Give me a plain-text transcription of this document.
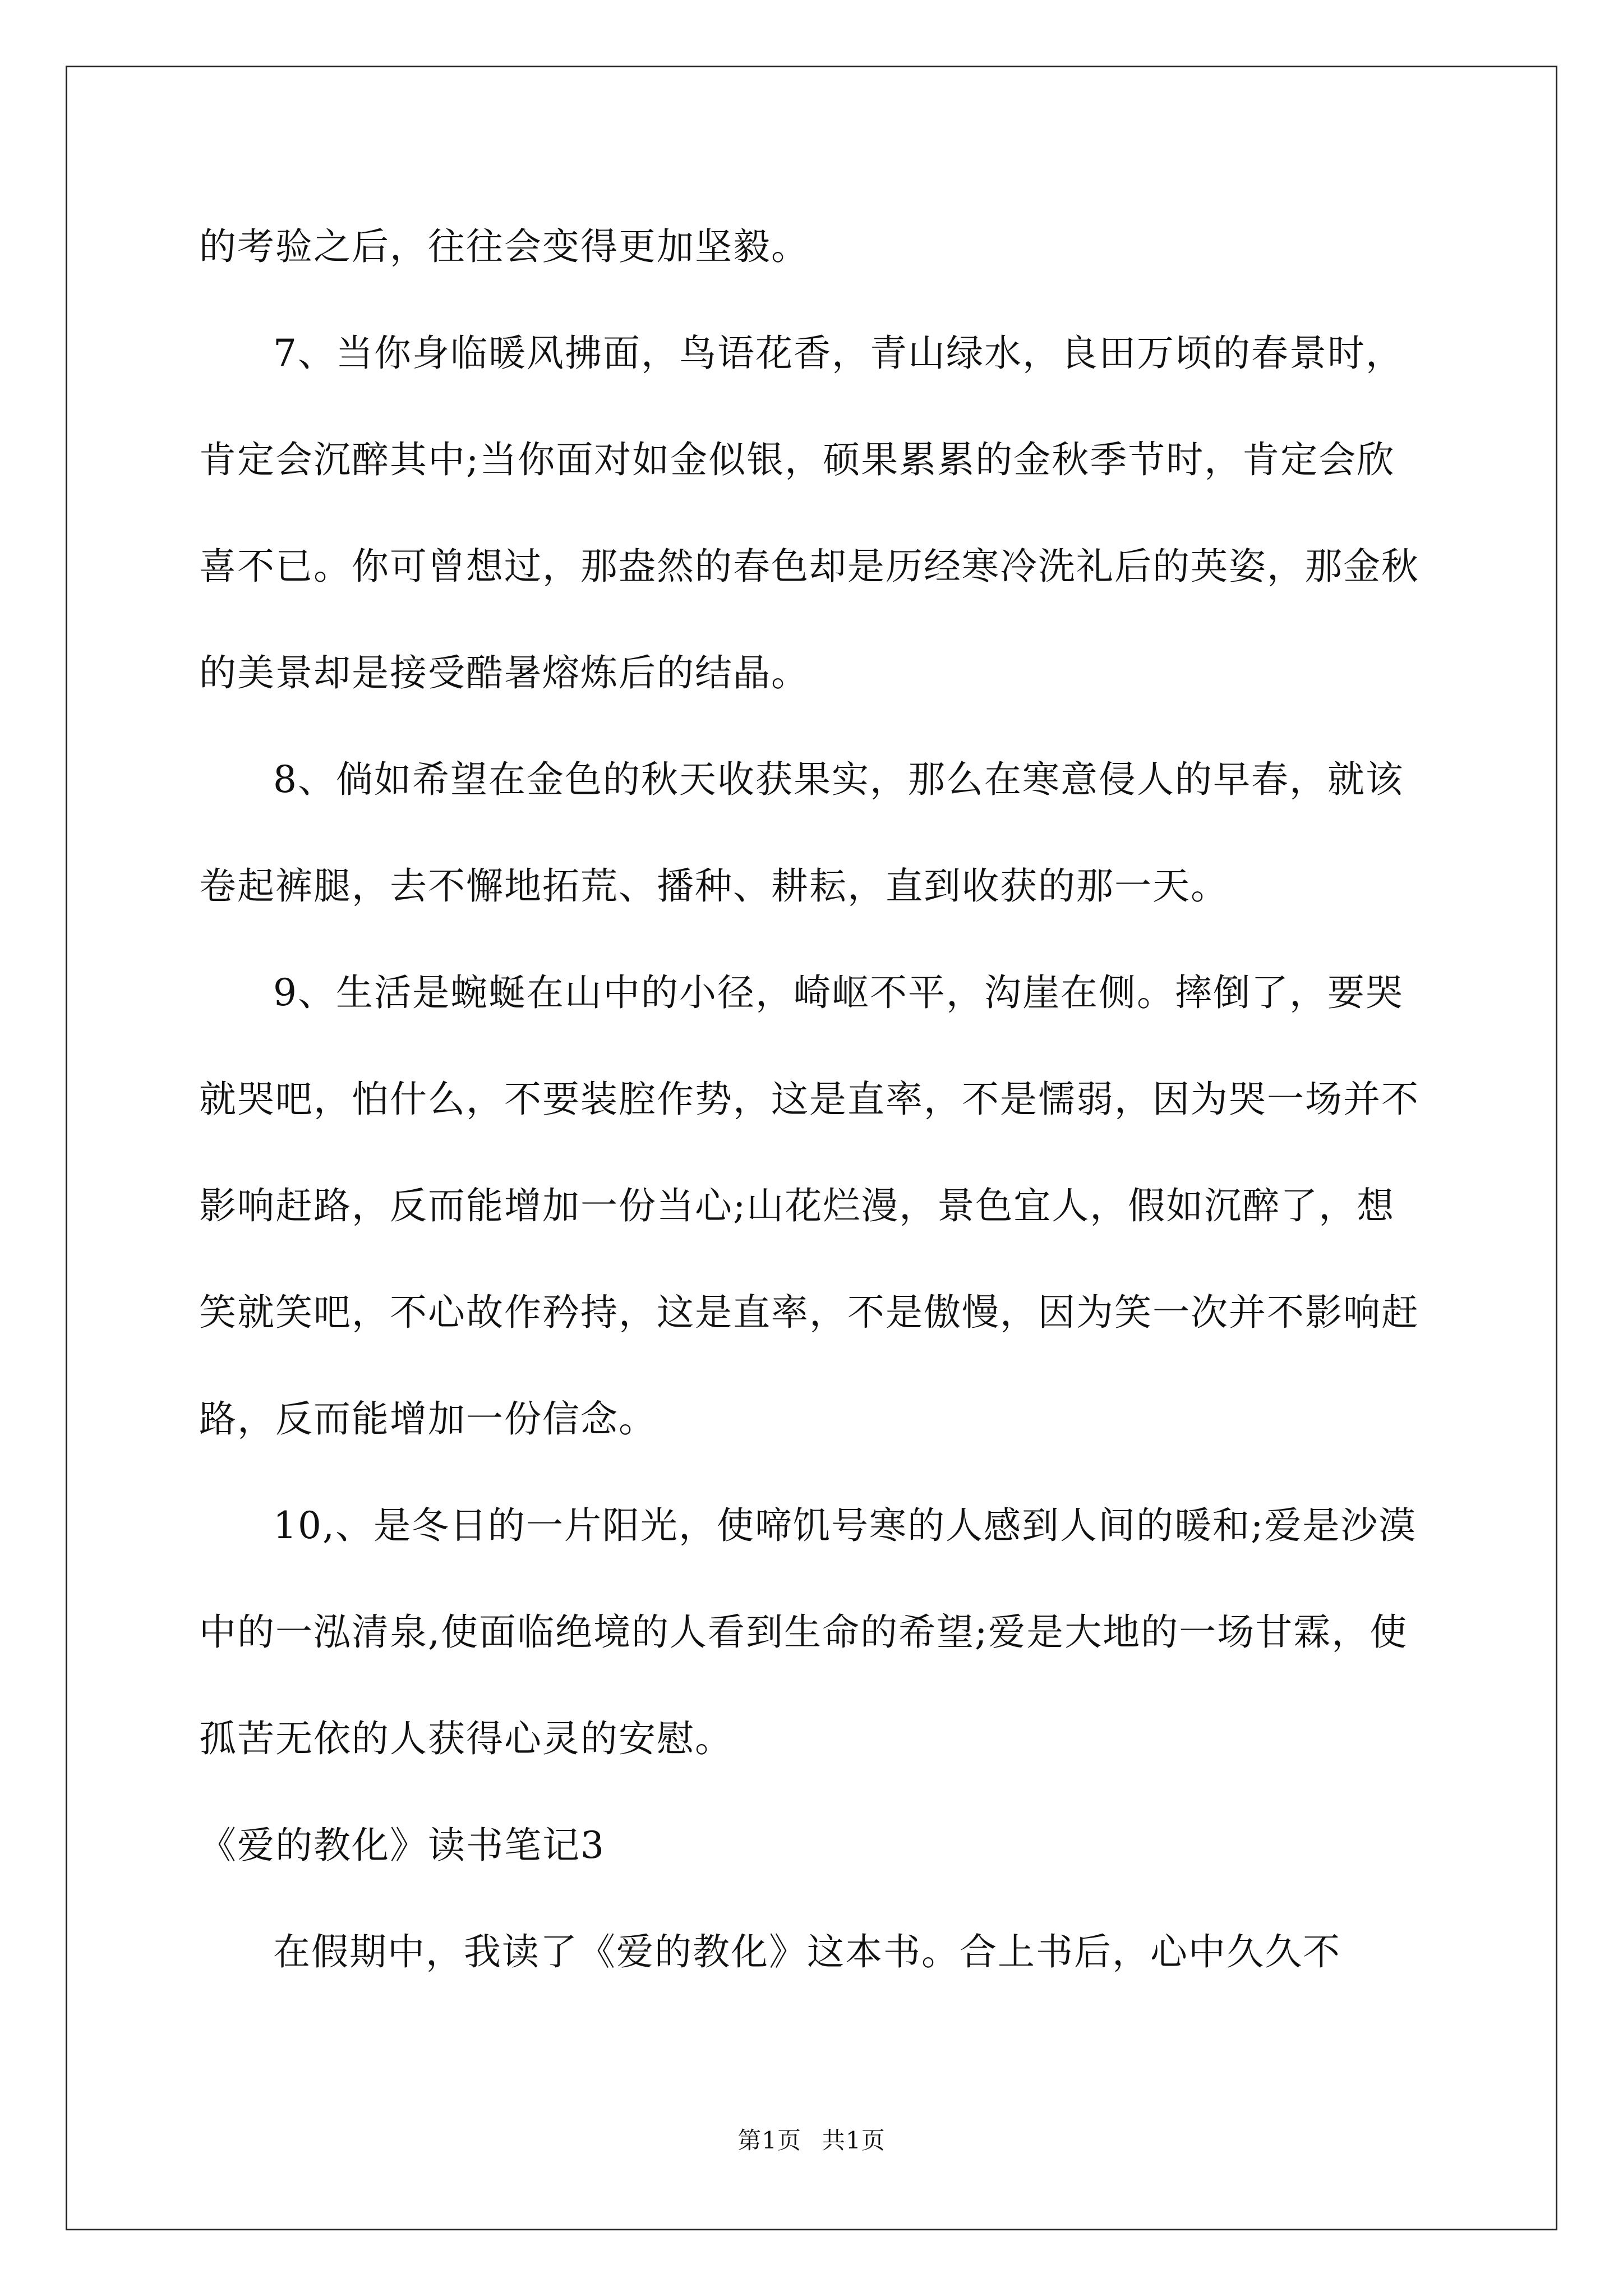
的考验之后，往往会变得更加坚毅。
7、当你身临暖风拂面，鸟语花香，青山绿水，良田万顷的春景时，肯定会沉醉其中;当你面对如金似银，硕果累累的金秋季节时，肯定会欣喜不已。你可曾想过，那盎然的春色却是历经寒冷洗礼后的英姿，那金秋的美景却是接受酷暑熔炼后的结晶。
8、倘如希望在金色的秋天收获果实，那么在寒意侵人的早春，就该卷起裤腿，去不懈地拓荒、播种、耕耘，直到收获的那一天。
9、生活是蜿蜒在山中的小径，崎岖不平，沟崖在侧。摔倒了，要哭就哭吧，怕什么，不要装腔作势，这是直率，不是懦弱，因为哭一场并不影响赶路，反而能增加一份当心;山花烂漫，景色宜人，假如沉醉了，想笑就笑吧，不心故作矜持，这是直率，不是傲慢，因为笑一次并不影响赶路，反而能增加一份信念。
10,、是冬日的一片阳光，使啼饥号寒的人感到人间的暖和;爱是沙漠中的一泓清泉,使面临绝境的人看到生命的希望;爱是大地的一场甘霖，使孤苦无依的人获得心灵的安慰。
《爱的教化》读书笔记3
在假期中，我读了《爱的教化》这本书。合上书后，心中久久不
第1页 共1页
